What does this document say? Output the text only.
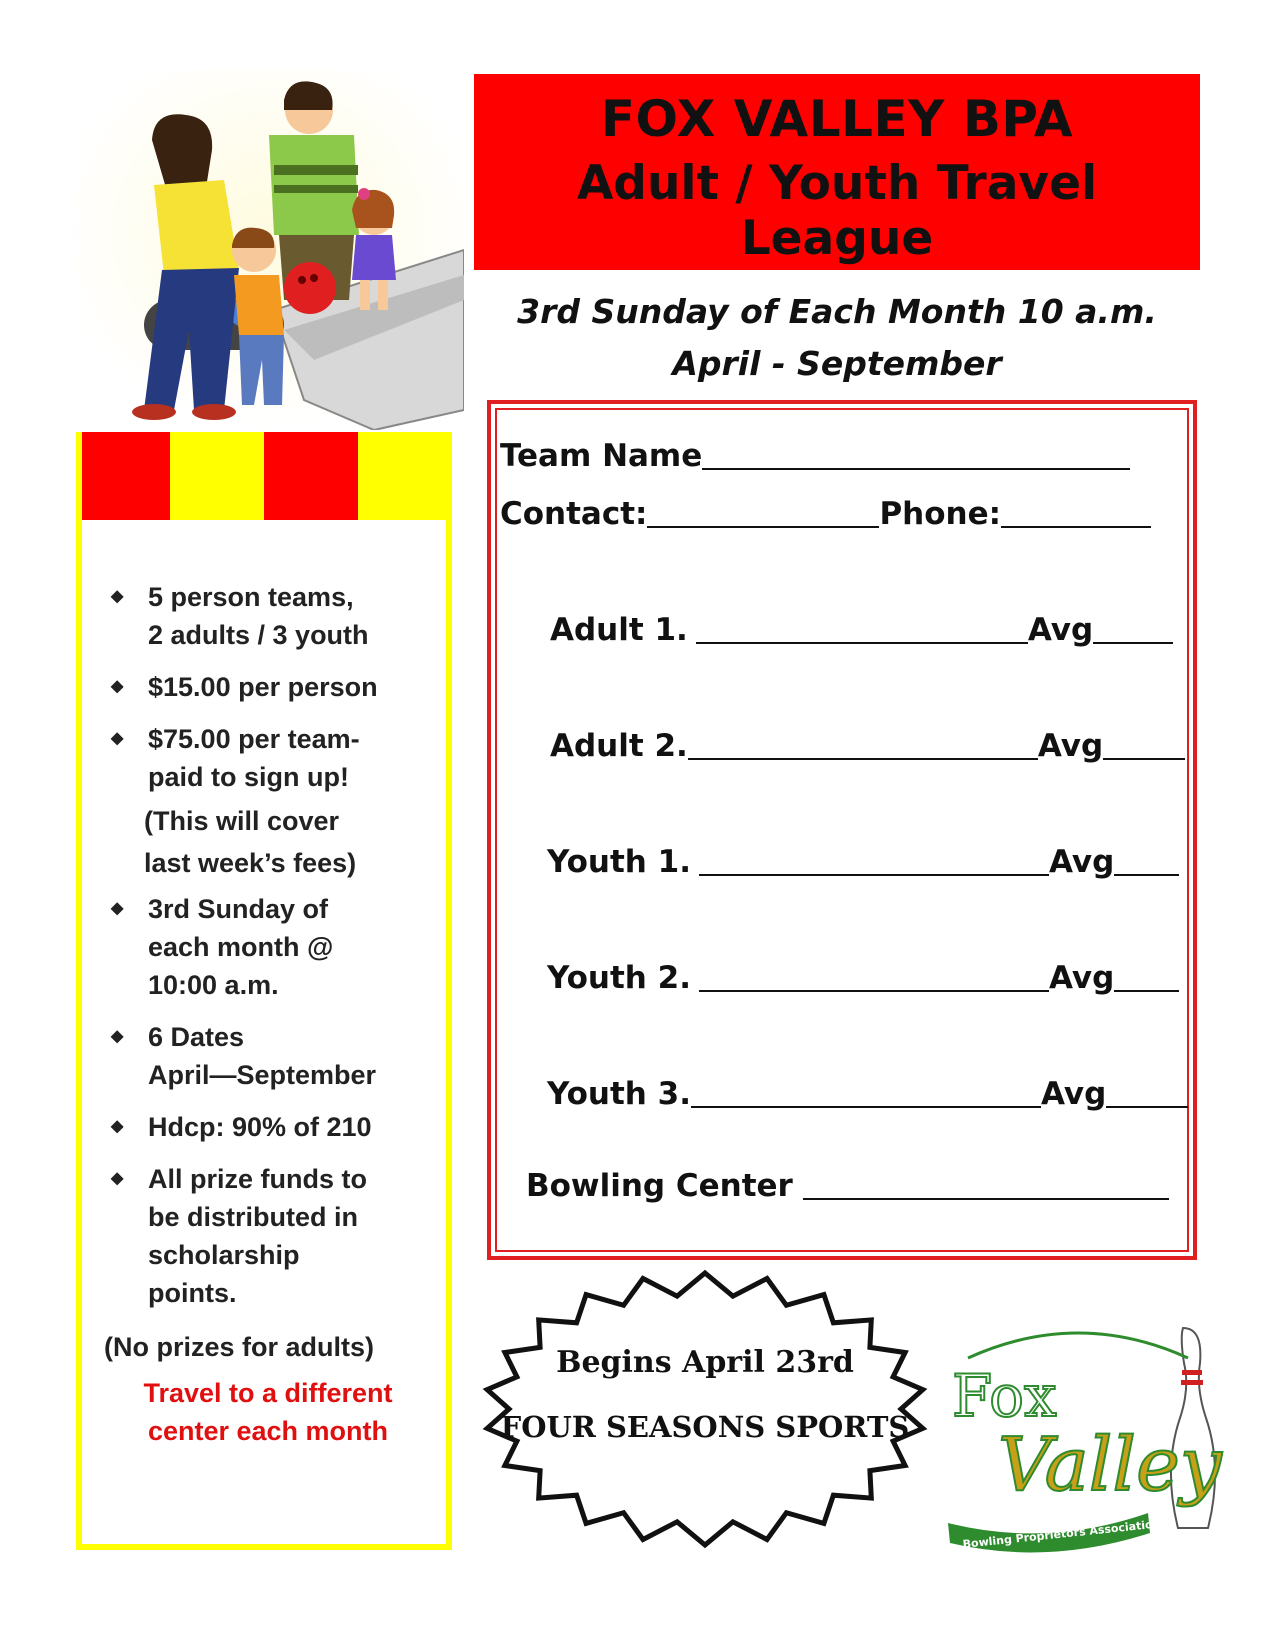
◆ 5 person teams,
2 adults / 3 youth
◆ $15.00 per person
◆ $75.00 per team-
paid to sign up!
(This will cover
last week’s fees)
◆ 3rd Sunday of
each month @
10:00 a.m.
◆ 6 Dates
April—September
◆ Hdcp: 90% of 210
◆ All prize funds to
be distributed in
scholarship
points.
(No prizes for adults)
Travel to a different
center each month
FOX VALLEY BPA
Adult / Youth Travel League
3rd Sunday of Each Month 10 a.m.
April - September
Team Name
Contact:	Phone:
Adult 1.	Avg
Adult 2.	Avg
Youth 1.	Avg
Youth 2.	Avg
Youth 3.	Avg
Bowling Center
Begins April 23rd
FOUR SEASONS SPORTS Fox
Valley
Bowling Proprietors Association
